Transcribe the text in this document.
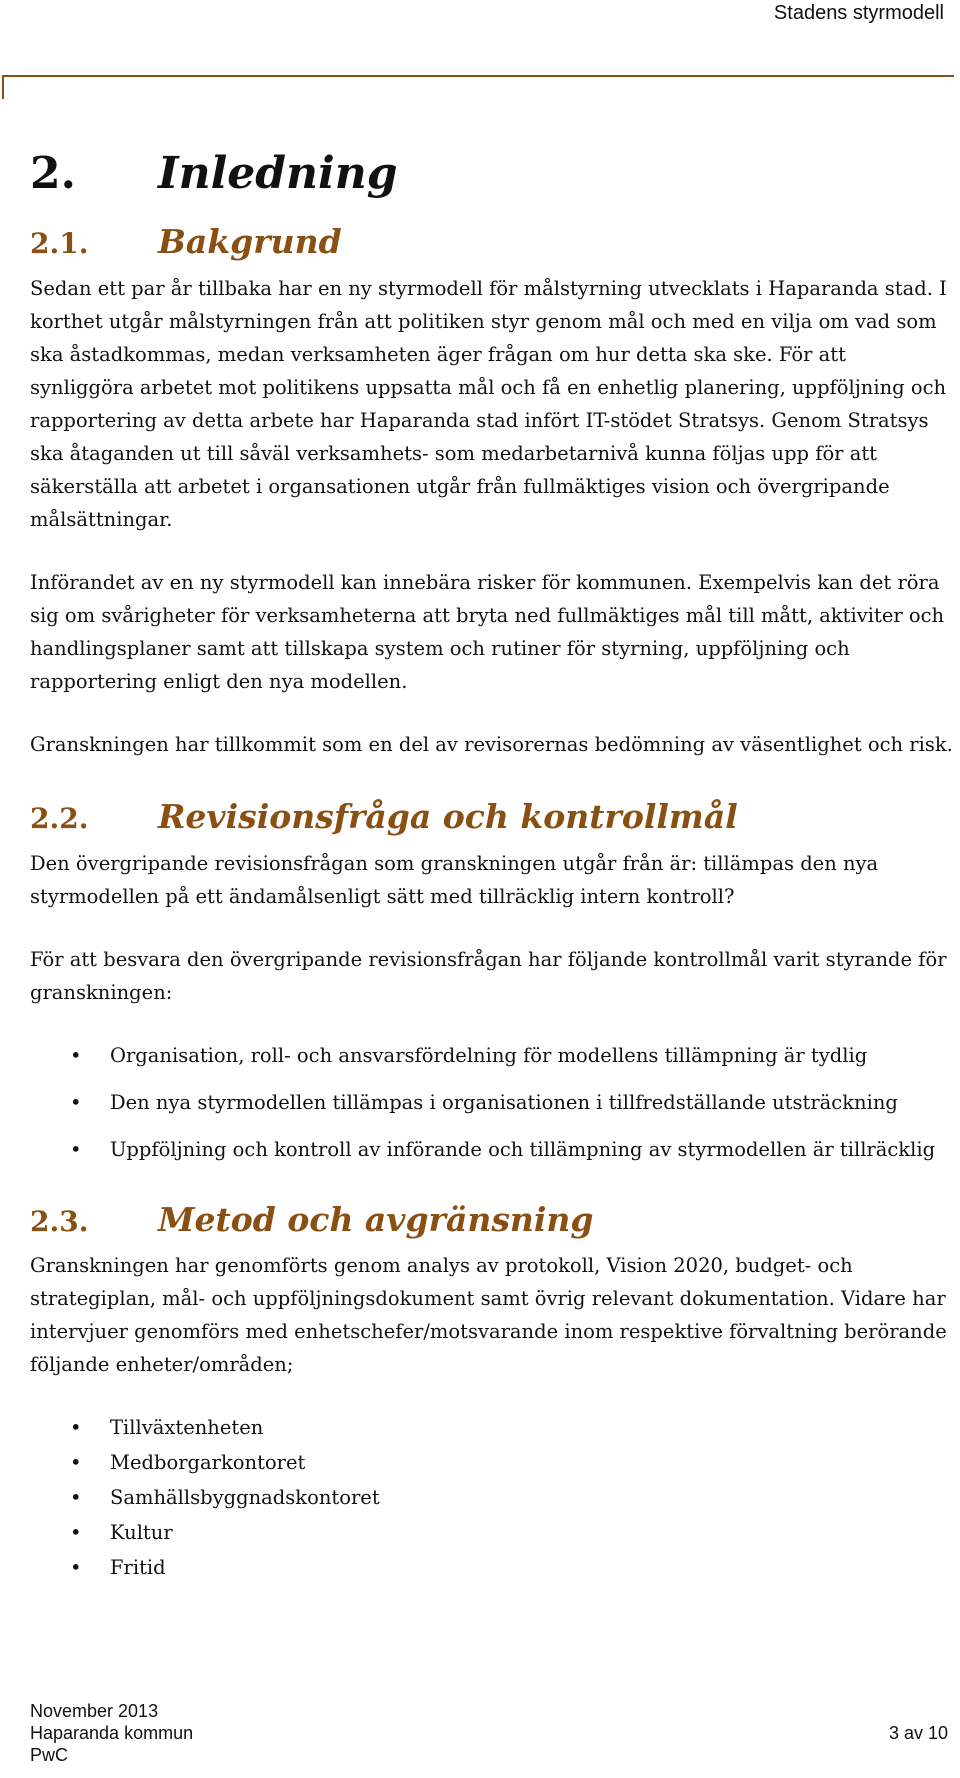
Stadens styrmodell
2. Inledning
2.1. Bakgrund

Sedan ett par år tillbaka har en ny styrmodell för målstyrning utvecklats i Haparanda stad. I korthet utgår målstyrningen från att politiken styr genom mål och med en vilja om vad som ska åstadkommas, medan verksamheten äger frågan om hur detta ska ske. För att synliggöra arbetet mot politikens uppsatta mål och få en enhetlig planering, uppföljning och rapportering av detta arbete har Haparanda stad infört IT-stödet Stratsys. Genom Stratsys ska åtaganden ut till såväl verksamhets- som medarbetarnivå kunna följas upp för att säkerställa att arbetet i organsationen utgår från fullmäktiges vision och övergripande målsättningar.

Införandet av en ny styrmodell kan innebära risker för kommunen. Exempelvis kan det röra sig om svårigheter för verksamheterna att bryta ned fullmäktiges mål till mått, aktiviter och handlingsplaner samt att tillskapa system och rutiner för styrning, uppföljning och rapportering enligt den nya modellen.

Granskningen har tillkommit som en del av revisorernas bedömning av väsentlighet och risk.

2.2. Revisionsfråga och kontrollmål

Den övergripande revisionsfrågan som granskningen utgår från är: tillämpas den nya styrmodellen på ett ändamålsenligt sätt med tillräcklig intern kontroll?

För att besvara den övergripande revisionsfrågan har följande kontrollmål varit styrande för granskningen:

• Organisation, roll- och ansvarsfördelning för modellens tillämpning är tydlig
• Den nya styrmodellen tillämpas i organisationen i tillfredställande utsträckning
• Uppföljning och kontroll av införande och tillämpning av styrmodellen är tillräcklig
2.3. Metod och avgränsning

Granskningen har genomförts genom analys av protokoll, Vision 2020, budget- och strategiplan, mål- och uppföljningsdokument samt övrig relevant dokumentation. Vidare har intervjuer genomförs med enhetschefer/motsvarande inom respektive förvaltning berörande följande enheter/områden;

• Tillväxtenheten
• Medborgarkontoret
• Samhällsbyggnadskontoret
• Kultur
• Fritid
November 2013
Haparanda kommun
PwC
3 av 10
